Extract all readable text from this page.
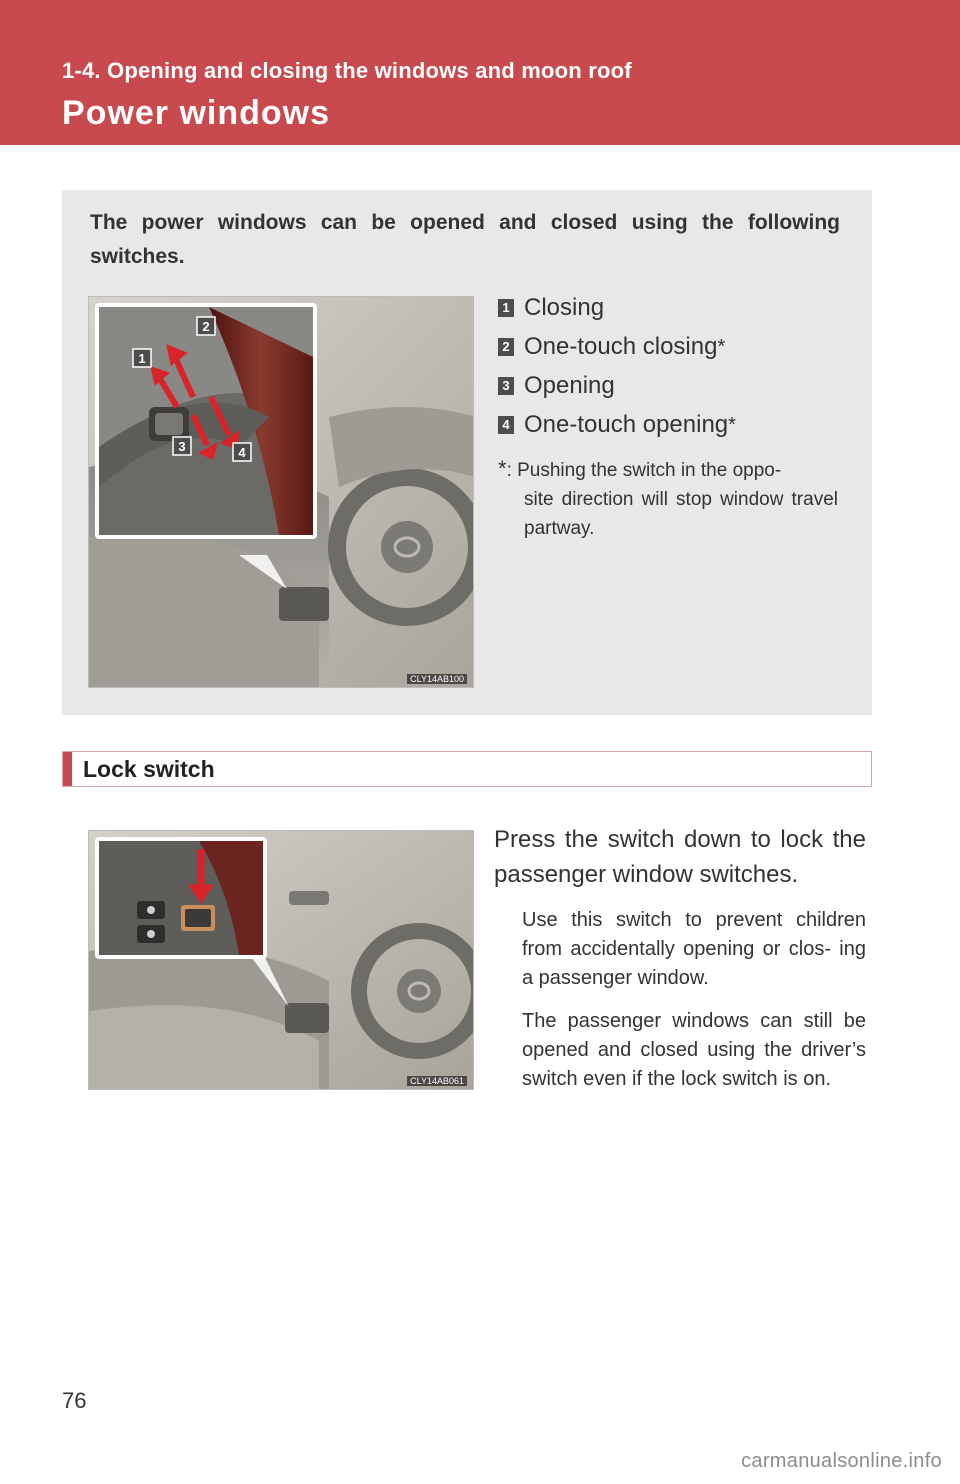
1-4. Opening and closing the windows and moon roof
Power windows
The power windows can be opened and closed using the following switches.
1
2
3	4
CLY14AB100
1 Closing
2 One-touch closing *
3 Opening
4 One-touch opening *
*: Pushing the switch in the oppo-
site direction will stop window travel partway.
Lock switch
CLY14AB061
Press the switch down to lock the passenger window switches.
Use this switch to prevent children from accidentally opening or clos- ing a passenger window.
The passenger windows can still be opened and closed using the driver’s switch even if the lock switch is on.
76
carmanualsonline.info
